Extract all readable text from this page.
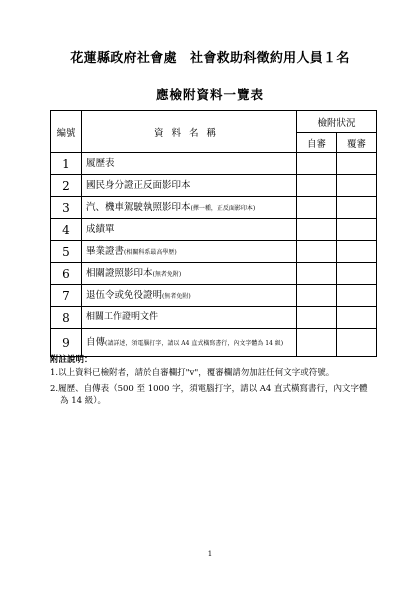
花蓮縣政府社會處　社會救助科徵約用人員１名
應檢附資料一覽表
編號	資料名稱	檢附狀況	
		自審	覆審
1	履歷表		
2	國民身分證正反面影印本		
3	汽、機車駕駛執照影印本(擇一種，正反面影印本)		
4	成績單		
5	畢業證書(相關科系最高學歷)		
6	相關證照影印本(無者免附)		
7	退伍令或免役證明(無者免附)		
8	相關工作證明文件		
9	自傳(請詳述，須電腦打字，請以 A4 直式橫寫書行，內文字體為 14 級)		
附註說明：
1.以上資料已檢附者，請於自審欄打"v"，覆審欄請勿加註任何文字或符號。
2.履歷、自傳表（500 至 1000 字，須電腦打字，請以 A4 直式橫寫書行，內文字體為 14 級）。
1
